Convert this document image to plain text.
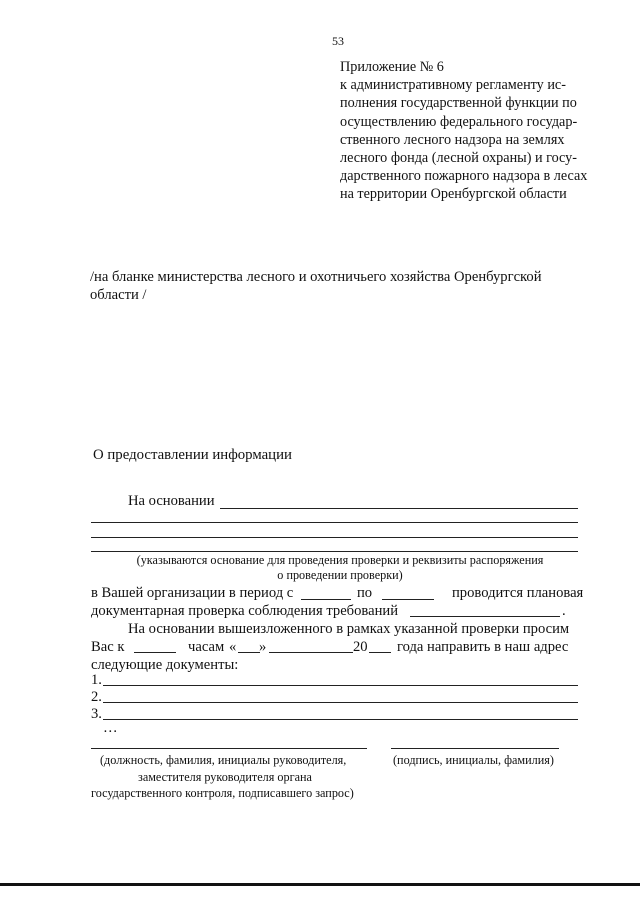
53
Приложение № 6
к административному регламенту ис-
полнения государственной функции по
осуществлению федерального государ-
ственного лесного надзора на землях
лесного фонда (лесной охраны) и госу-
дарственного пожарного надзора в лесах
на территории Оренбургской области
/на бланке министерства лесного и охотничьего хозяйства Оренбургской
области /
О предоставлении информации
На основании
(указываются основание для проведения проверки и реквизиты распоряжения
о проведении проверки)
в Вашей организации в период с	по	проводится плановая
документарная проверка соблюдения требований	.
На основании вышеизложенного в рамках указанной проверки просим
Вас к	часам « »	20 года направить в наш адрес
следующие документы:
1.
2.
3.
…
(должность, фамилия, инициалы руководителя,
заместителя руководителя органа
государственного контроля, подписавшего запрос)
(подпись, инициалы, фамилия)
